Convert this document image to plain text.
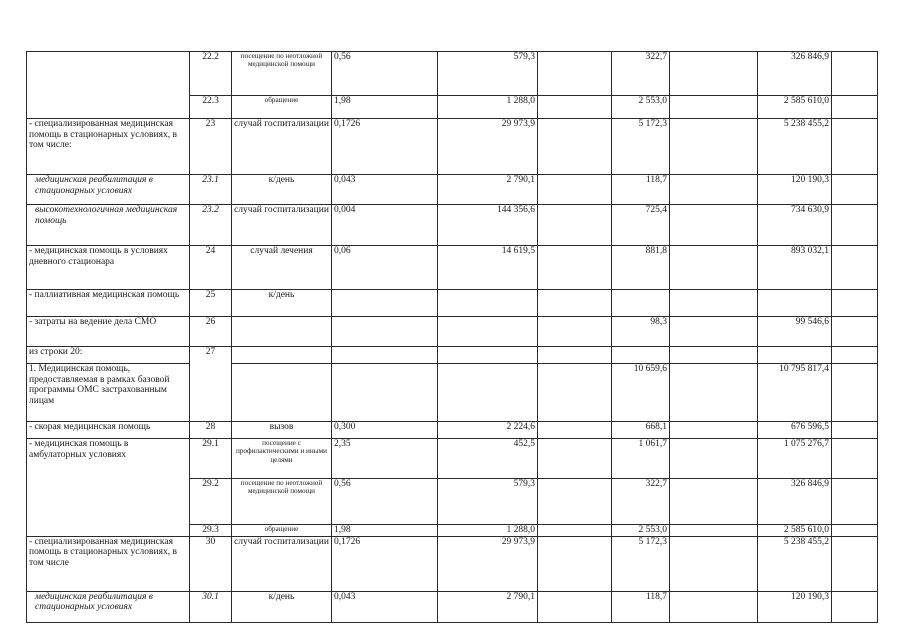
	22.2	посещение по неотложной медицинской помощи	0,56	579,3		322,7		326 846,9	
	22.3	обращение	1,98	1 288,0		2 553,0		2 585 610,0	
- специализированная медицинская помощь в стационарных условиях, в том числе:	23	случай госпитализации	0,1726	29 973,9		5 172,3		5 238 455,2	
медицинская реабилитация в стационарных условиях	23.1	к/день	0,043	2 790,1		118,7		120 190,3	
высокотехнологичная медицинская помощь	23.2	случай госпитализации	0,004	144 356,6		725,4		734 630,9	
- медицинская помощь в условиях дневного стационара	24	случай лечения	0,06	14 619,5		881,8		893 032,1	
- паллиативная медицинская помощь	25	к/день							
- затраты на ведение дела СМО	26					98,3		99 546,6	
из строки 20:	27								
1. Медицинская помощь, предоставляемая в рамках базовой программы ОМС застрахованным лицам						10 659,6		10 795 817,4	
- скорая медицинская помощь	28	вызов	0,300	2 224,6		668,1		676 596,5	
- медицинская помощь в амбулаторных условиях	29.1	посещение с профилактическими и иными целями	2,35	452,5		1 061,7		1 075 276,7	
	29.2	посещение по неотложной медицинской помощи	0,56	579,3		322,7		326 846,9	
	29.3	обращение	1,98	1 288,0		2 553,0		2 585 610,0	
- специализированная медицинская помощь в стационарных условиях, в том числе	30	случай госпитализации	0,1726	29 973,9		5 172,3		5 238 455,2	
медицинская реабилитация в стационарных условиях	30.1	к/день	0,043	2 790,1		118,7		120 190,3	
